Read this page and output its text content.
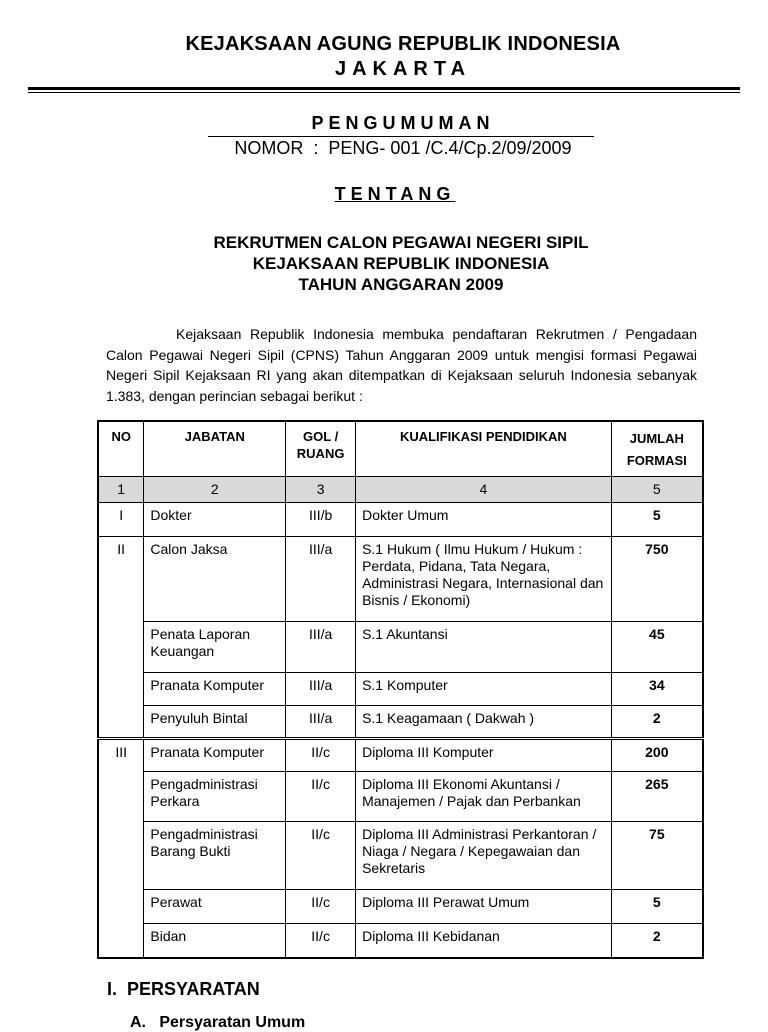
KEJAKSAAN AGUNG REPUBLIK INDONESIA
JAKARTA
PENGUMUMAN
NOMOR  :  PENG- 001 /C.4/Cp.2/09/2009
TENTANG
REKRUTMEN CALON PEGAWAI NEGERI SIPIL
KEJAKSAAN REPUBLIK INDONESIA
TAHUN ANGGARAN 2009
Kejaksaan Republik Indonesia membuka pendaftaran Rekrutmen / Pengadaan Calon Pegawai Negeri Sipil (CPNS) Tahun Anggaran 2009 untuk mengisi formasi Pegawai Negeri Sipil Kejaksaan RI yang akan ditempatkan di Kejaksaan seluruh Indonesia sebanyak 1.383, dengan perincian sebagai berikut :
NO	JABATAN	GOL / RUANG	KUALIFIKASI PENDIDIKAN	JUMLAH FORMASI
1	2	3	4	5
I	Dokter	III/b	Dokter Umum	5
II	Calon Jaksa	III/a	S.1 Hukum ( Ilmu Hukum / Hukum : Perdata, Pidana, Tata Negara, Administrasi Negara, Internasional dan Bisnis / Ekonomi)	750
	Penata Laporan Keuangan	III/a	S.1 Akuntansi	45
	Pranata Komputer	III/a	S.1 Komputer	34
	Penyuluh Bintal	III/a	S.1 Keagamaan ( Dakwah )	2
III	Pranata Komputer	II/c	Diploma III Komputer	200
	Pengadministrasi Perkara	II/c	Diploma III Ekonomi Akuntansi / Manajemen / Pajak dan Perbankan	265
	Pengadministrasi Barang Bukti	II/c	Diploma III Administrasi Perkantoran / Niaga / Negara / Kepegawaian dan Sekretaris	75
	Perawat	II/c	Diploma III Perawat Umum	5
	Bidan	II/c	Diploma III Kebidanan	2
I.  PERSYARATAN
A.   Persyaratan Umum
